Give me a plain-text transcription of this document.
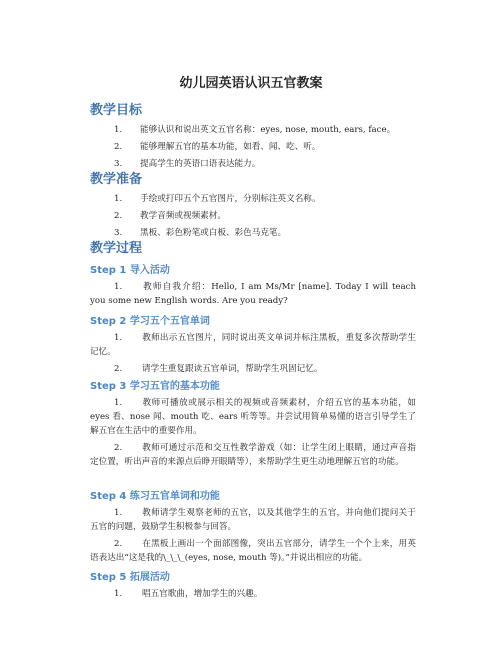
幼儿园英语认识五官教案
教学目标
1.	能够认识和说出英文五官名称：eyes, nose, mouth, ears, face。
2.	能够理解五官的基本功能，如看、闻、吃、听。
3.	提高学生的英语口语表达能力。
教学准备
1.	手绘或打印五个五官图片，分别标注英文名称。
2.	教学音频或视频素材。
3.	黑板、彩色粉笔或白板、彩色马克笔。
教学过程
Step 1 导入活动
1. 教师自我介绍：Hello, I am Ms/Mr [name]. Today I will teach you some new English words. Are you ready?
Step 2 学习五个五官单词
1. 教师出示五官图片，同时说出英文单词并标注黑板，重复多次帮助学生记忆。
2. 请学生重复跟读五官单词，帮助学生巩固记忆。
Step 3 学习五官的基本功能
1. 教师可播放或展示相关的视频或音频素材，介绍五官的基本功能，如 eyes 看、nose 闻、mouth 吃、ears 听等等。并尝试用简单易懂的语言引导学生了解五官在生活中的重要作用。
2. 教师可通过示范和交互性教学游戏（如：让学生闭上眼睛，通过声音指定位置，听出声音的来源点后睁开眼睛等），来帮助学生更生动地理解五官的功能。
Step 4 练习五官单词和功能
1. 教师请学生观察老师的五官，以及其他学生的五官，并向他们提问关于五官的问题，鼓励学生积极参与回答。
2. 在黑板上画出一个面部图像，突出五官部分，请学生一个个上来，用英语表达出“这是我的\_\_\_(eyes, nose, mouth 等)。”并说出相应的功能。
Step 5 拓展活动
1. 唱五官歌曲，增加学生的兴趣。
